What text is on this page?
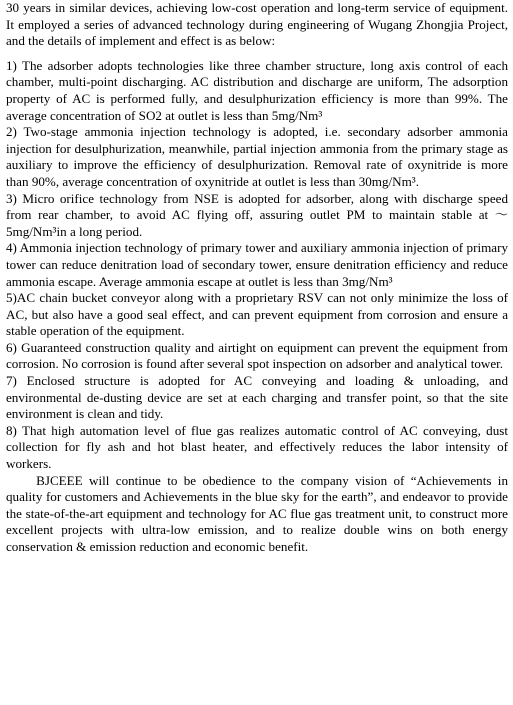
30 years in similar devices, achieving low-cost operation and long-term service of equipment. It employed a series of advanced technology during engineering of Wugang Zhongjia Project, and the details of implement and effect is as below:

1) The adsorber adopts technologies like three chamber structure, long axis control of each chamber, multi-point discharging. AC distribution and discharge are uniform, The adsorption property of AC is performed fully, and desulphurization efficiency is more than 99%. The average concentration of SO2 at outlet is less than 5mg/Nm³

2) Two-stage ammonia injection technology is adopted, i.e. secondary adsorber ammonia injection for desulphurization, meanwhile, partial injection ammonia from the primary stage as auxiliary to improve the efficiency of desulphurization. Removal rate of oxynitride is more than 90%, average concentration of oxynitride at outlet is less than 30mg/Nm³.

3) Micro orifice technology from NSE is adopted for adsorber, along with discharge speed from rear chamber, to avoid AC flying off, assuring outlet PM to maintain stable at ～5mg/Nm³in a long period.

4) Ammonia injection technology of primary tower and auxiliary ammonia injection of primary tower can reduce denitration load of secondary tower, ensure denitration efficiency and reduce ammonia escape. Average ammonia escape at outlet is less than 3mg/Nm³

5)AC chain bucket conveyor along with a proprietary RSV can not only minimize the loss of AC, but also have a good seal effect, and can prevent equipment from corrosion and ensure a stable operation of the equipment.

6) Guaranteed construction quality and airtight on equipment can prevent the equipment from corrosion. No corrosion is found after several spot inspection on adsorber and analytical tower.

7) Enclosed structure is adopted for AC conveying and loading & unloading, and environmental de-dusting device are set at each charging and transfer point, so that the site environment is clean and tidy.

8) That high automation level of flue gas realizes automatic control of AC conveying, dust collection for fly ash and hot blast heater, and effectively reduces the labor intensity of workers.

BJCEEE will continue to be obedience to the company vision of “Achievements in quality for customers and Achievements in the blue sky for the earth”, and endeavor to provide the state-of-the-art equipment and technology for AC flue gas treatment unit, to construct more excellent projects with ultra-low emission, and to realize double wins on both energy conservation & emission reduction and economic benefit.
